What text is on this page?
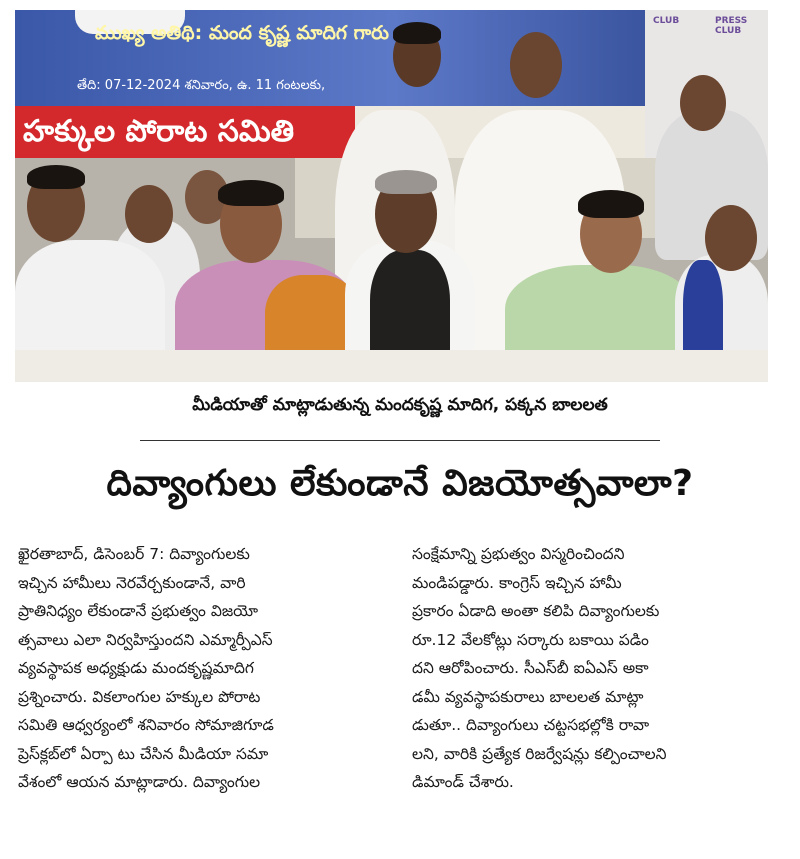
ముఖ్య అతిథి: మంద కృష్ణ మాదిగ గారు
తేది: 07-12-2024 శనివారం, ఉ. 11 గంటలకు,
హక్కుల పోరాట సమితి
CLUB	PRESS CLUB
మీడియాతో మాట్లాడుతున్న మందకృష్ణ మాదిగ, పక్కన బాలలత
దివ్యాంగులు లేకుండానే విజయోత్సవాలా?

ఖైరతాబాద్, డిసెంబర్ 7: దివ్యాంగులకు

ఇచ్చిన హామీలు నెరవేర్చకుండానే, వారి

ప్రాతినిధ్యం లేకుండానే ప్రభుత్వం విజయో

త్సవాలు ఎలా నిర్వహిస్తుందని ఎమ్మార్పీఎస్

వ్యవస్థాపక అధ్యక్షుడు మందకృష్ణమాదిగ

ప్రశ్నించారు. వికలాంగుల హక్కుల పోరాట

సమితి ఆధ్వర్యంలో శనివారం సోమాజిగూడ

ప్రెస్‌క్లబ్‌లో ఏర్పా టు చేసిన మీడియా సమా

వేశంలో ఆయన మాట్లాడారు. దివ్యాంగుల

సంక్షేమాన్ని ప్రభుత్వం విస్మరించిందని

మండిపడ్డారు. కాంగ్రెస్ ఇచ్చిన హామీ

ప్రకారం ఏడాది అంతా కలిపి దివ్యాంగులకు

రూ.12 వేలకోట్లు సర్కారు బకాయి పడిం

దని ఆరోపించారు. సీఎస్‌బీ ఐఏఎస్ అకా

డమీ వ్యవస్థాపకురాలు బాలలత మాట్లా

డుతూ.. దివ్యాంగులు చట్టసభల్లోకి రావా

లని, వారికి ప్రత్యేక రిజర్వేషన్లు కల్పించాలని

డిమాండ్ చేశారు.
